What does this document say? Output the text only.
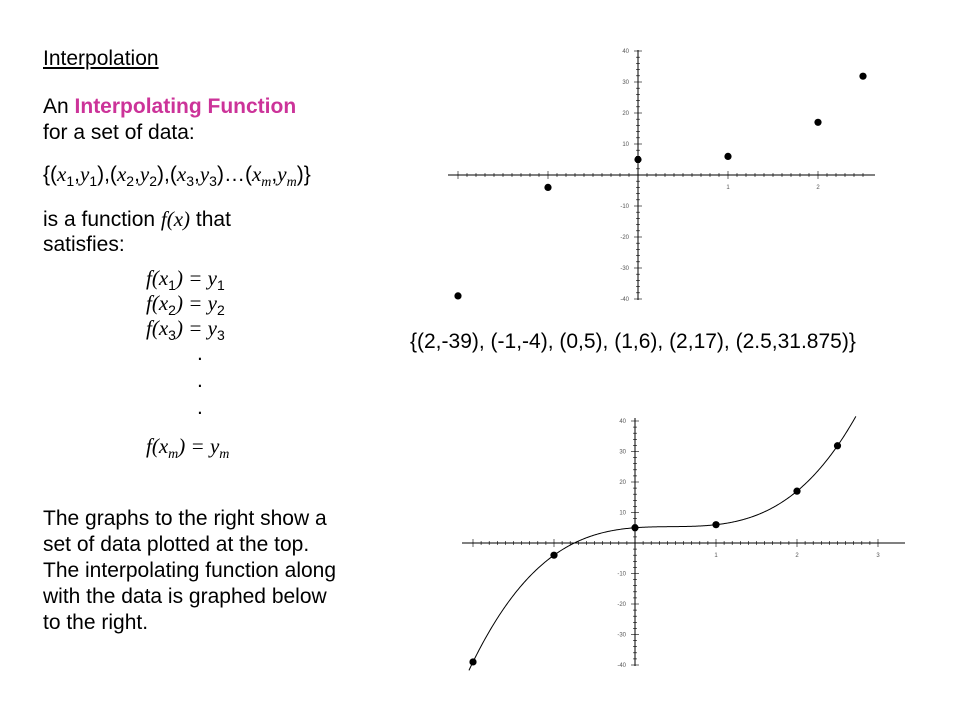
Interpolation
An Interpolating Function
for a set of data:
$\{(x_1,y_1),(x_2,y_2),(x_3,y_3)\dots(x_m,y_m)\}$
is a function f(x) that
satisfies:
$f(x_1) = y_1$
$f(x_2) = y_2$
$f(x_3) = y_3$
.
.
.
$f(x_m) = y_m$
The graphs to the right show a
set of data plotted at the top.
The interpolating function along
with the data is graphed below
to the right.
1	2
40
30
20
10
-10
-20
-30
-40
{(2,-39), (-1,-4), (0,5), (1,6), (2,17), (2.5,31.875)}
1	2	3
40
30
20
10
-10
-20
-30
-40
